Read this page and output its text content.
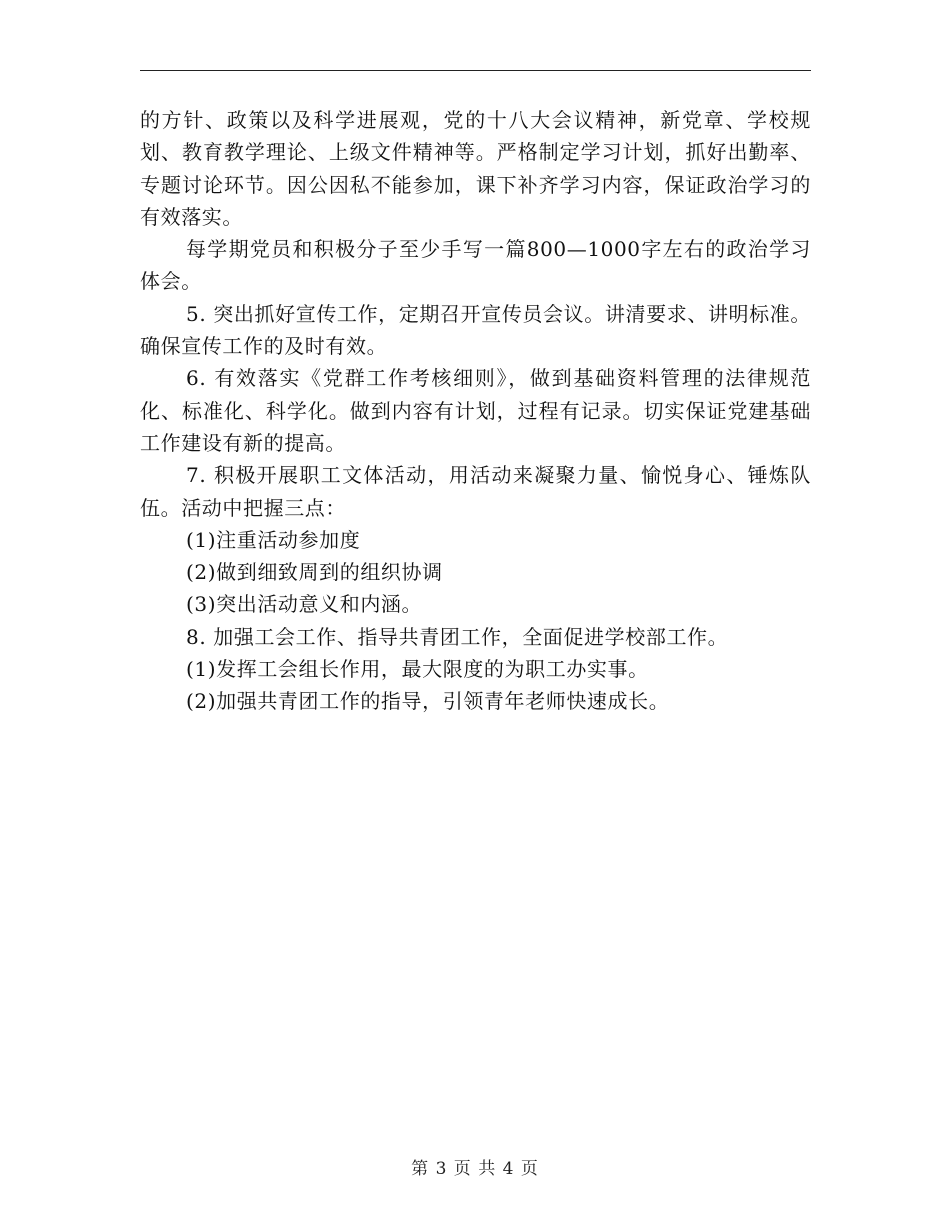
的方针、政策以及科学进展观，党的十八大会议精神，新党章、学校规划、教育教学理论、上级文件精神等。严格制定学习计划，抓好出勤率、专题讨论环节。因公因私不能参加，课下补齐学习内容，保证政治学习的有效落实。

每学期党员和积极分子至少手写一篇800—1000字左右的政治学习体会。

5. 突出抓好宣传工作，定期召开宣传员会议。讲清要求、讲明标准。确保宣传工作的及时有效。

6. 有效落实《党群工作考核细则》，做到基础资料管理的法律规范化、标准化、科学化。做到内容有计划，过程有记录。切实保证党建基础工作建设有新的提高。

7. 积极开展职工文体活动，用活动来凝聚力量、愉悦身心、锤炼队伍。活动中把握三点：

(1)注重活动参加度

(2)做到细致周到的组织协调

(3)突出活动意义和内涵。

8. 加强工会工作、指导共青团工作，全面促进学校部工作。

(1)发挥工会组长作用，最大限度的为职工办实事。

(2)加强共青团工作的指导，引领青年老师快速成长。

第 3 页 共 4 页
